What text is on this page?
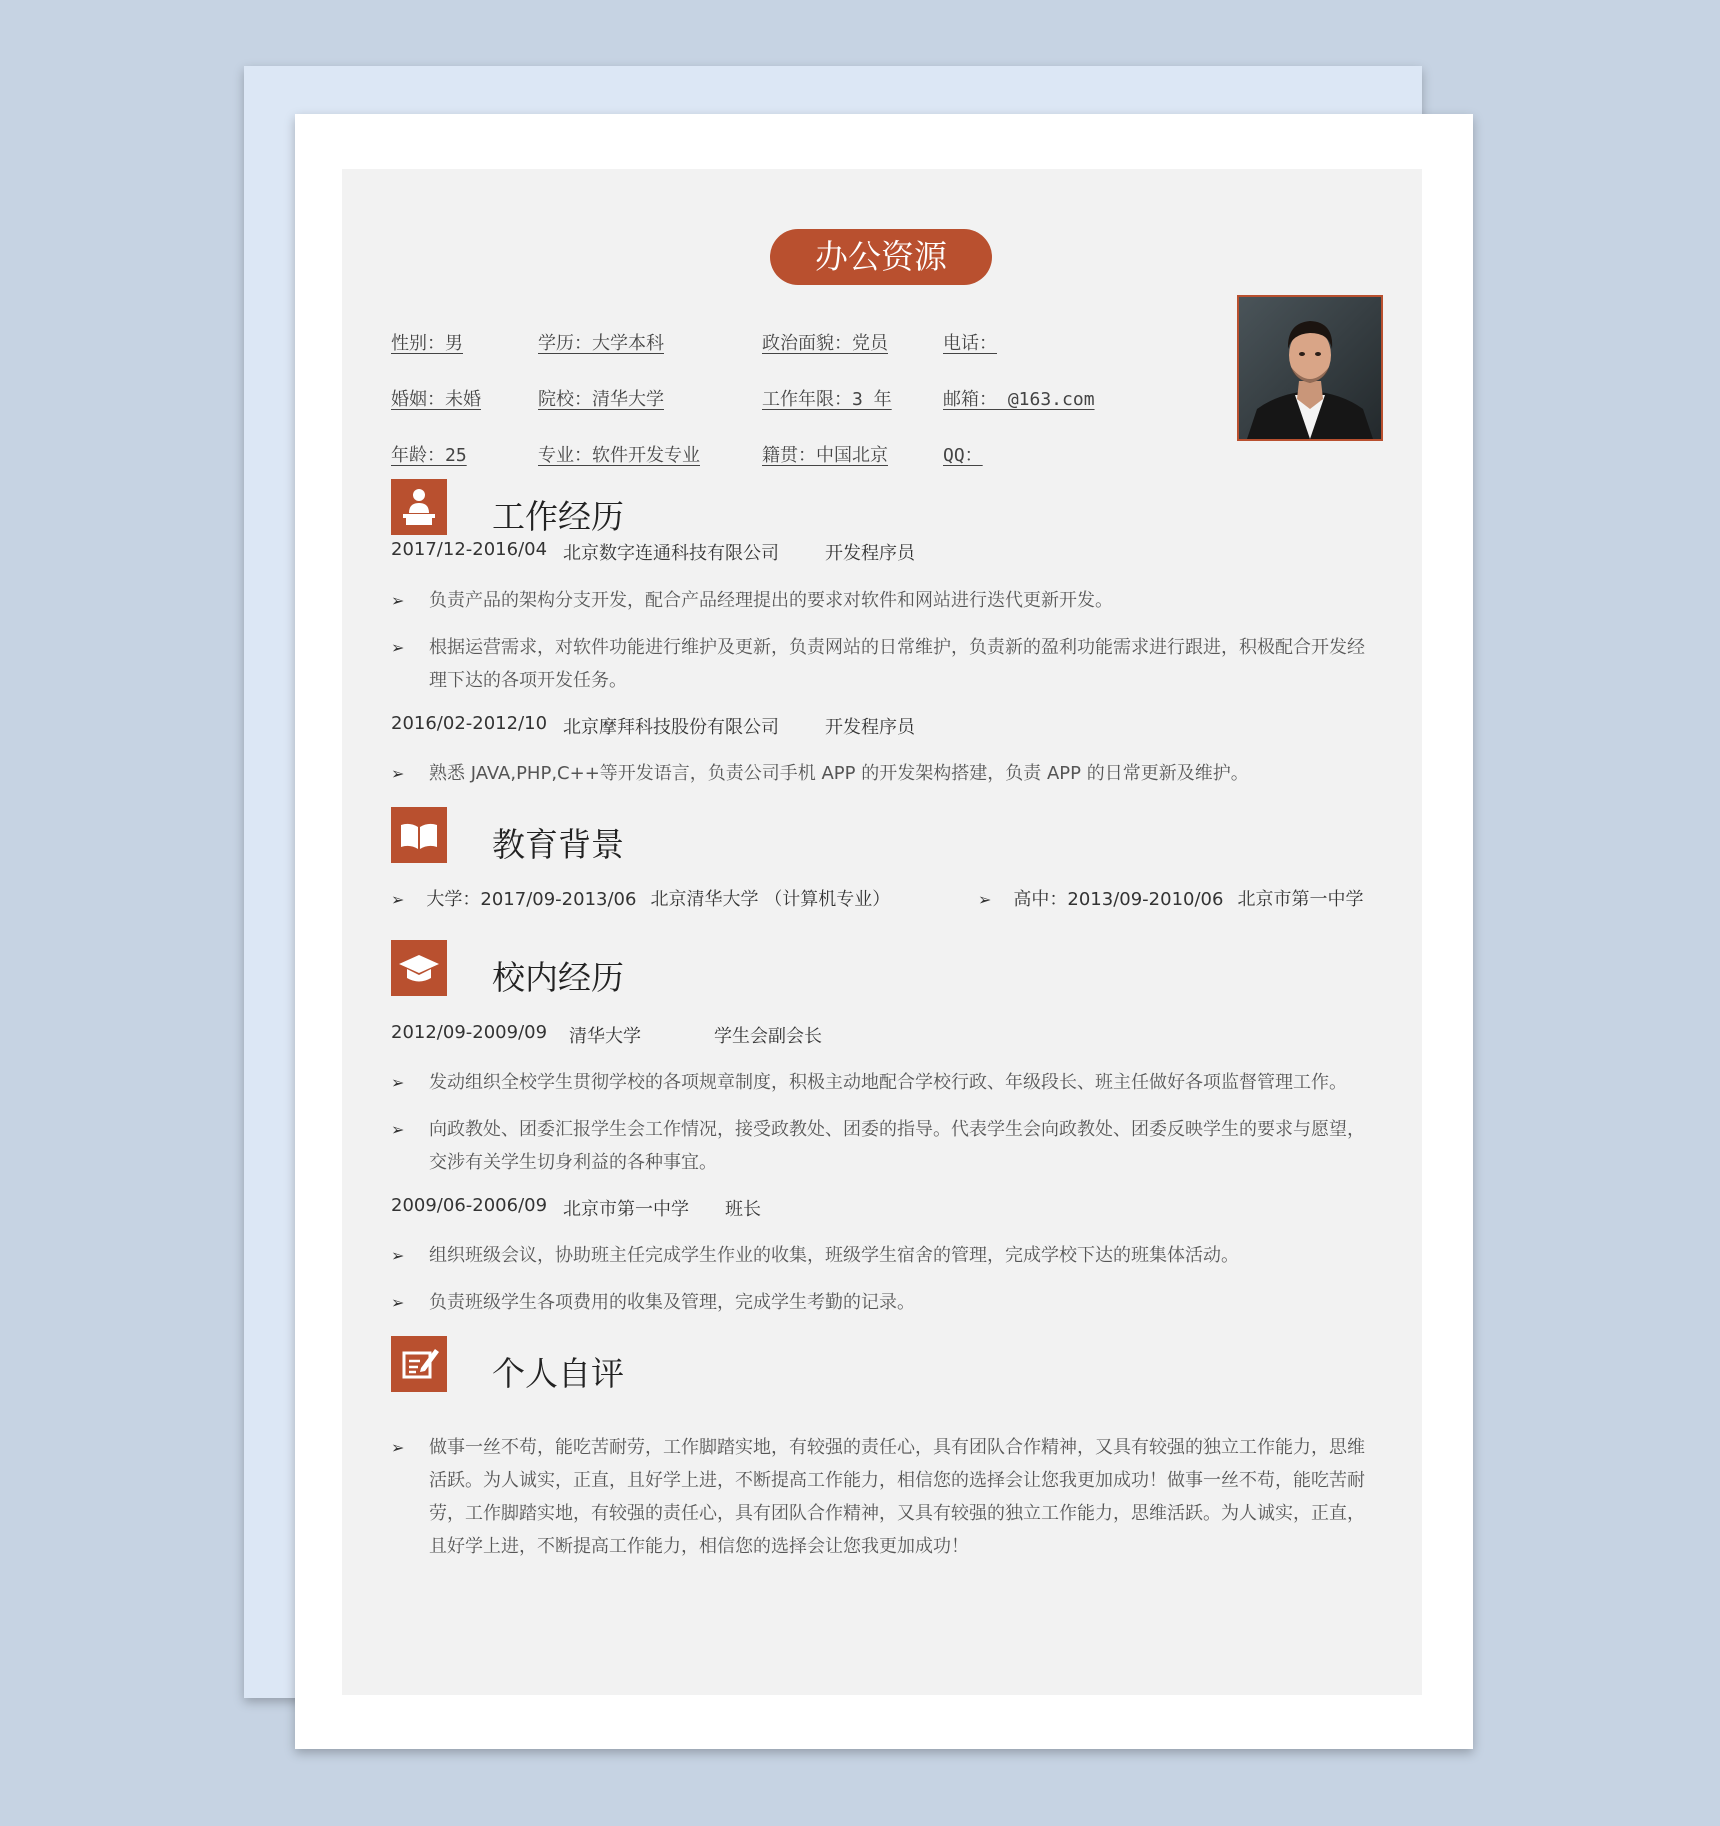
办公资源
性别：男	学历：大学本科	政治面貌：党员	电话：
婚姻：未婚	院校：清华大学	工作年限：3 年	邮箱： @163.com
年龄：25	专业：软件开发专业	籍贯：中国北京	QQ：
工作经历
2017/12-2016/04 北京数字连通科技有限公司	开发程序员
➢ 负责产品的架构分支开发，配合产品经理提出的要求对软件和网站进行迭代更新开发。
➢ 根据运营需求，对软件功能进行维护及更新，负责网站的日常维护，负责新的盈利功能需求进行跟进，积极配合开发经理下达的各项开发任务。
2016/02-2012/10 北京摩拜科技股份有限公司	开发程序员
➢ 熟悉 JAVA,PHP,C++等开发语言，负责公司手机 APP 的开发架构搭建，负责 APP 的日常更新及维护。
教育背景
➢ 大学：2017/09-2013/06 北京清华大学 （计算机专业）	➢ 高中：2013/09-2010/06 北京市第一中学
校内经历
2012/09-2009/09 清华大学	学生会副会长
➢ 发动组织全校学生贯彻学校的各项规章制度，积极主动地配合学校行政、年级段长、班主任做好各项监督管理工作。
➢ 向政教处、团委汇报学生会工作情况，接受政教处、团委的指导。代表学生会向政教处、团委反映学生的要求与愿望，交涉有关学生切身利益的各种事宜。
2009/06-2006/09 北京市第一中学 班长
➢ 组织班级会议，协助班主任完成学生作业的收集，班级学生宿舍的管理，完成学校下达的班集体活动。
➢ 负责班级学生各项费用的收集及管理，完成学生考勤的记录。
个人自评
➢ 做事一丝不苟，能吃苦耐劳，工作脚踏实地，有较强的责任心，具有团队合作精神，又具有较强的独立工作能力，思维活跃。为人诚实，正直，且好学上进，不断提高工作能力，相信您的选择会让您我更加成功！做事一丝不苟，能吃苦耐劳，工作脚踏实地，有较强的责任心，具有团队合作精神，又具有较强的独立工作能力，思维活跃。为人诚实，正直，且好学上进，不断提高工作能力，相信您的选择会让您我更加成功！
